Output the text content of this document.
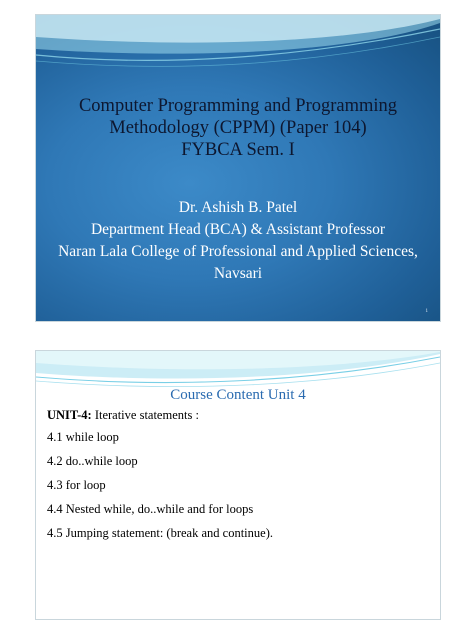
Computer Programming and Programming
Methodology (CPPM) (Paper 104)
FYBCA Sem. I
Dr. Ashish B. Patel
Department Head (BCA) & Assistant Professor
Naran Lala College of Professional and Applied Sciences,
Navsari
1
Course Content Unit 4
UNIT-4: Iterative statements :
4.1 while loop
4.2 do..while loop
4.3 for loop
4.4 Nested while, do..while and for loops
4.5 Jumping statement: (break and continue).
